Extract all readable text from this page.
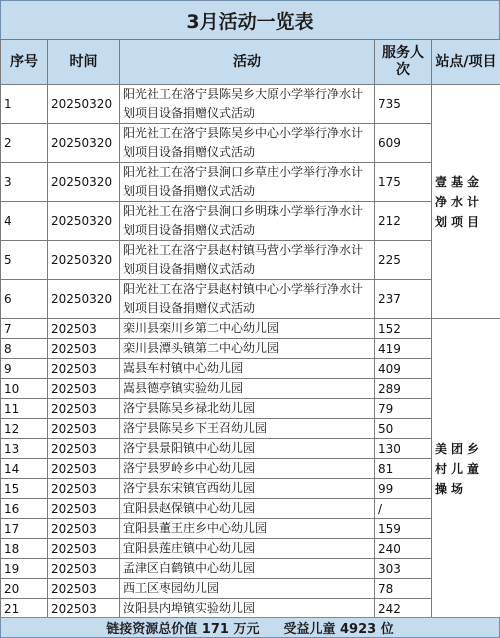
3月活动一览表
序号	时间	活动	服务人次	站点/项目
1	20250320	阳光社工在洛宁县陈吴乡大原小学举行净水计划项目设备捐赠仪式活动	735	壹基金净水计划项目
2	20250320	阳光社工在洛宁县陈吴乡中心小学举行净水计划项目设备捐赠仪式活动	609	
3	20250320	阳光社工在洛宁县涧口乡草庄小学举行净水计划项目设备捐赠仪式活动	175	
4	20250320	阳光社工在洛宁县涧口乡明珠小学举行净水计划项目设备捐赠仪式活动	212	
5	20250320	阳光社工在洛宁县赵村镇马营小学举行净水计划项目设备捐赠仪式活动	225	
6	20250320	阳光社工在洛宁县赵村镇中心小学举行净水计划项目设备捐赠仪式活动	237	
7	202503	栾川县栾川乡第二中心幼儿园	152	美团乡村儿童操场
8	202503	栾川县潭头镇第二中心幼儿园	419	
9	202503	嵩县车村镇中心幼儿园	409	
10	202503	嵩县德亭镇实验幼儿园	289	
11	202503	洛宁县陈吴乡禄北幼儿园	79	
12	202503	洛宁县陈吴乡下王召幼儿园	50	
13	202503	洛宁县景阳镇中心幼儿园	130	
14	202503	洛宁县罗岭乡中心幼儿园	81	
15	202503	洛宁县东宋镇官西幼儿园	99	
16	202503	宜阳县赵保镇中心幼儿园	/	
17	202503	宜阳县董王庄乡中心幼儿园	159	
18	202503	宜阳县莲庄镇中心幼儿园	240	
19	202503	孟津区白鹤镇中心幼儿园	303	
20	202503	西工区枣园幼儿园	78	
21	202503	汝阳县内埠镇实验幼儿园	242	
链接资源总价值 171 万元 受益儿童 4923 位
